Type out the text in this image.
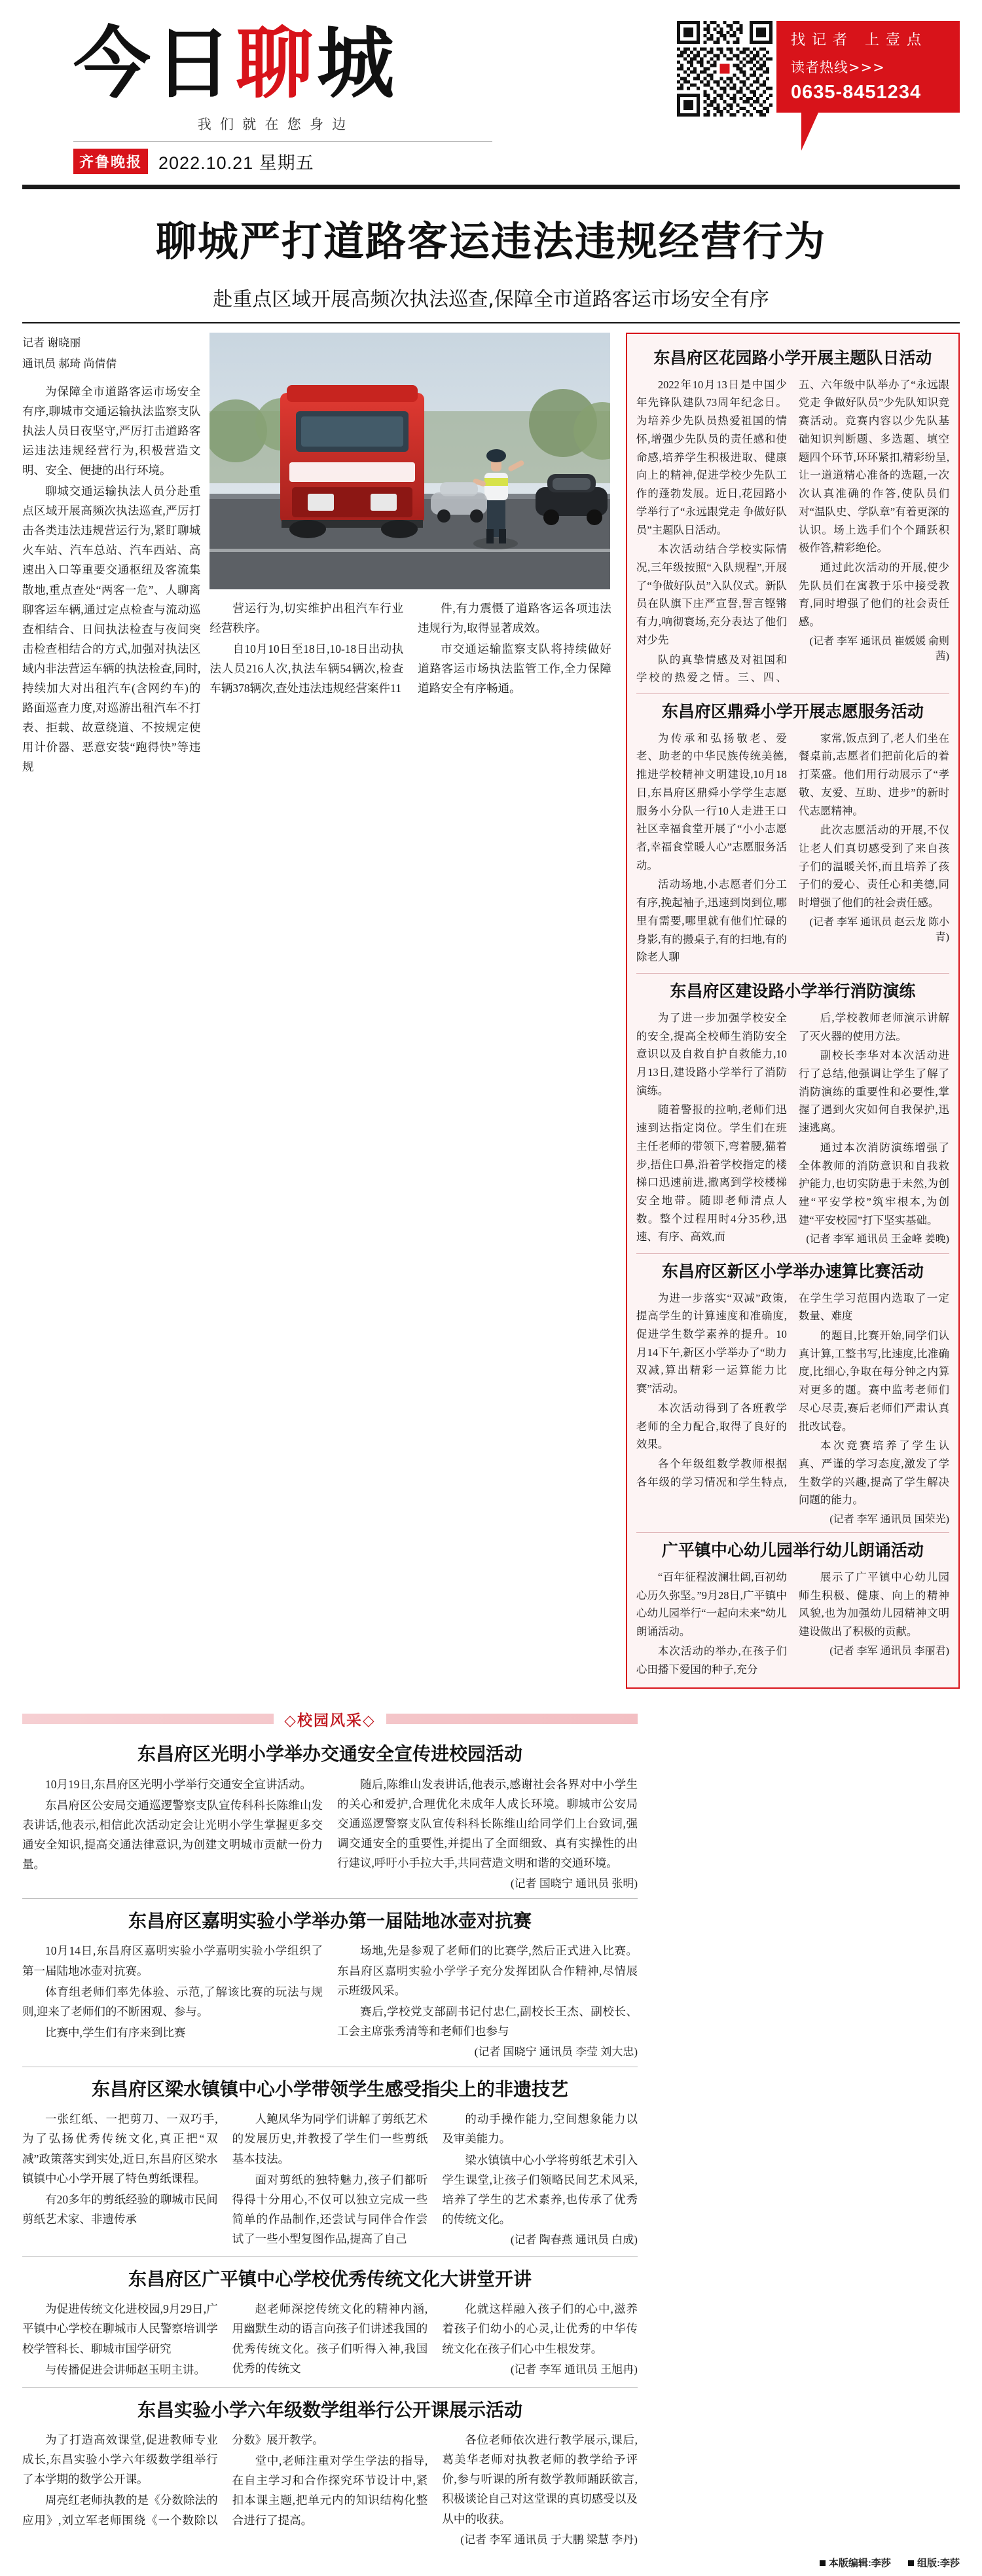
今日聊城
我 们 就 在 您 身 边
齐鲁晚报 2022.10.21 星期五
找记者 上壹点
读者热线>>>
0635-8451234
聊城严打道路客运违法违规经营行为
赴重点区域开展高频次执法巡查,保障全市道路客运市场安全有序
记者 谢晓丽
通讯员 郝琦 尚倩倩

为保障全市道路客运市场安全有序,聊城市交通运输执法监察支队执法人员日夜坚守,严厉打击道路客运违法违规经营行为,积极营造文明、安全、便捷的出行环境。

聊城交通运输执法人员分赴重点区域开展高频次执法巡查,严厉打击各类违法违规营运行为,紧盯聊城火车站、汽车总站、汽车西站、高速出入口等重要交通枢纽及客流集散地,重点查处“两客一危”、人聊离聊客运车辆,通过定点检查与流动巡查相结合、日间执法检查与夜间突击检查相结合的方式,加强对执法区域内非法营运车辆的执法检查,同时,持续加大对出租汽车(含网约车)的路面巡查力度,对巡游出租汽车不打表、拒载、故意绕道、不按规定使用计价器、恶意安装“跑得快”等违规

营运行为,切实维护出租汽车行业经营秩序。

自10月10日至18日,10-18日出动执法人员216人次,执法车辆54辆次,检查车辆378辆次,查处违法违规经营案件11

件,有力震慑了道路客运各项违法违规行为,取得显著成效。

市交通运输监察支队将持续做好道路客运市场执法监管工作,全力保障道路安全有序畅通。

东昌府区花园路小学开展主题队日活动

2022年10月13日是中国少年先锋队建队73周年纪念日。为培养少先队员热爱祖国的情怀,增强少先队员的责任感和使命感,培养学生积极进取、健康向上的精神,促进学校少先队工作的蓬勃发展。近日,花园路小学举行了“永远跟党走 争做好队员”主题队日活动。

本次活动结合学校实际情况,三年级按照“入队规程”,开展了“争做好队员”入队仪式。新队员在队旗下庄严宣誓,誓言铿锵有力,响彻寰场,充分表达了他们对少先

队的真挚情感及对祖国和学校的热爱之情。三、四、五、六年级中队举办了“永远跟党走 争做好队员”少先队知识竞赛活动。竞赛内容以少先队基础知识判断题、多选题、填空题四个环节,环环紧扣,精彩纷呈,让一道道精心准备的选题,一次次认真准确的作答,使队员们对“温队史、学队章”有着更深的认识。场上选手们个个踊跃积极作答,精彩绝伦。

通过此次活动的开展,使少先队员们在寓教于乐中接受教育,同时增强了他们的社会责任感。

(记者 李军 通讯员 崔媛媛 俞则茜)
东昌府区鼎舜小学开展志愿服务活动

为传承和弘扬敬老、爱老、助老的中华民族传统美德,推进学校精神文明建设,10月18日,东昌府区鼎舜小学学生志愿服务小分队一行10人走进王口社区幸福食堂开展了“小小志愿者,幸福食堂暖人心”志愿服务活动。

活动场地,小志愿者们分工有序,挽起袖子,迅速到岗到位,哪里有需要,哪里就有他们忙碌的身影,有的搬桌子,有的扫地,有的除老人聊

家常,饭点到了,老人们坐在餐桌前,志愿者们把前化后的着打菜盛。他们用行动展示了“孝敬、友爱、互助、进步”的新时代志愿精神。

此次志愿活动的开展,不仅让老人们真切感受到了来自孩子们的温暖关怀,而且培养了孩子们的爱心、责任心和美德,同时增强了他们的社会责任感。

(记者 李军 通讯员 赵云龙 陈小青)
东昌府区建设路小学举行消防演练

为了进一步加强学校安全的安全,提高全校师生消防安全意识以及自救自护自救能力,10月13日,建设路小学举行了消防演练。

随着警报的拉响,老师们迅速到达指定岗位。学生们在班主任老师的带领下,弯着腰,猫着步,捂住口鼻,沿着学校指定的楼梯口迅速前进,撤离到学校楼梯安全地带。随即老师清点人数。整个过程用时4分35秒,迅速、有序、高效,而

后,学校教师老师演示讲解了灭火器的使用方法。

副校长李华对本次活动进行了总结,他强调让学生了解了消防演练的重要性和必要性,掌握了遇到火灾如何自我保护,迅速逃离。

通过本次消防演练增强了全体教师的消防意识和自我救护能力,也切实防患于未然,为创建“平安学校”筑牢根本,为创建“平安校园”打下坚实基础。

(记者 李军 通讯员 王金峰 姜晚)
东昌府区新区小学举办速算比赛活动

为进一步落实“双减”政策,提高学生的计算速度和准确度,促进学生数学素养的提升。10月14下午,新区小学举办了“助力双减,算出精彩一运算能力比赛”活动。

本次活动得到了各班教学老师的全力配合,取得了良好的效果。

各个年级组数学教师根据各年级的学习情况和学生特点,在学生学习范围内选取了一定数量、难度

的题目,比赛开始,同学们认真计算,工整书写,比速度,比准确度,比细心,争取在每分钟之内算对更多的题。赛中监考老师们尽心尽责,赛后老师们严肃认真批改试卷。

本次竞赛培养了学生认真、严谨的学习态度,激发了学生数学的兴趣,提高了学生解决问题的能力。

(记者 李军 通讯员 国荣光)
广平镇中心幼儿园举行幼儿朗诵活动

“百年征程波澜壮阔,百初幼心历久弥坚。”9月28日,广平镇中心幼儿园举行“一起向未来”幼儿朗诵活动。

本次活动的举办,在孩子们心田播下爱国的种子,充分

展示了广平镇中心幼儿园师生积极、健康、向上的精神风貌,也为加强幼儿园精神文明建设做出了积极的贡献。

(记者 李军 通讯员 李丽君)
◇校园风采◇
东昌府区光明小学举办交通安全宣传进校园活动

10月19日,东昌府区光明小学举行交通安全宣讲活动。

东昌府区公安局交通巡逻警察支队宣传科科长陈维山发表讲话,他表示,相信此次活动定会让光明小学生掌握更多交通安全知识,提高交通法律意识,为创建文明城市贡献一份力量。

随后,陈维山发表讲话,他表示,感谢社会各界对中小学生的关心和爱护,合理优化未成年人成长环境。聊城市公安局交通巡逻警察支队宣传科科长陈维山给同学们上台致词,强调交通安全的重要性,并提出了全面细致、真有实操性的出行建议,呼吁小手拉大手,共同营造文明和谐的交通环境。

(记者 国晓宁 通讯员 张明)
东昌府区嘉明实验小学举办第一届陆地冰壶对抗赛

10月14日,东昌府区嘉明实验小学嘉明实验小学组织了第一届陆地冰壶对抗赛。

体育组老师们率先体验、示范,了解该比赛的玩法与规则,迎来了老师们的不断困观、参与。

比赛中,学生们有序来到比赛

场地,先是参观了老师们的比赛学,然后正式进入比赛。东昌府区嘉明实验小学学子充分发挥团队合作精神,尽情展示班级风采。

赛后,学校党支部副书记付忠仁,副校长王杰、副校长、工会主席张秀清等和老师们也参与

(记者 国晓宁 通讯员 李莹 刘大忠)
东昌府区梁水镇镇中心小学带领学生感受指尖上的非遗技艺

一张红纸、一把剪刀、一双巧手,为了弘扬优秀传统文化,真正把“双减”政策落实到实处,近日,东昌府区梁水镇镇中心小学开展了特色剪纸课程。

有20多年的剪纸经验的聊城市民间剪纸艺术家、非遗传承

人鲍凤华为同学们讲解了剪纸艺术的发展历史,并教授了学生们一些剪纸基本技法。

面对剪纸的独特魅力,孩子们都听得得十分用心,不仅可以独立完成一些简单的作品制作,还尝试与同伴合作尝试了一些小型复图作品,提高了自己

的动手操作能力,空间想象能力以及审美能力。

梁水镇镇中心小学将剪纸艺术引入学生课堂,让孩子们领略民间艺术风采,培养了学生的艺术素养,也传承了优秀的传统文化。

(记者 陶春燕 通讯员 白成)
东昌府区广平镇中心学校优秀传统文化大讲堂开讲

为促进传统文化进校园,9月29日,广平镇中心学校在聊城市人民警察培训学校学管科长、聊城市国学研究

与传播促进会讲师赵玉明主讲。

赵老师深挖传统文化的精神内涵,用幽默生动的语言向孩子们讲述我国的优秀传统文化。孩子们听得入神,我国优秀的传统文

化就这样融入孩子们的心中,滋养着孩子们幼小的心灵,让优秀的中华传统文化在孩子们心中生根发芽。

(记者 李军 通讯员 王旭冉)
东昌实验小学六年级数学组举行公开课展示活动

为了打造高效课堂,促进教师专业成长,东昌实验小学六年级数学组举行了本学期的数学公开课。

周亮红老师执教的是《分数除法的应用》,刘立军老师围绕《一个数除以分数》展开教学。

堂中,老师注重对学生学法的指导,在自主学习和合作探究环节设计中,紧扣本课主题,把单元内的知识结构化整合进行了提高。

各位老师依次进行教学展示,课后,葛美华老师对执教老师的教学给予评价,参与听课的所有数学教师踊跃欲言,积极谈论自己对这堂课的真切感受以及从中的收获。

(记者 李军 通讯员 于大鹏 梁慧 李丹)
本版编辑:李莎	组版:李莎
